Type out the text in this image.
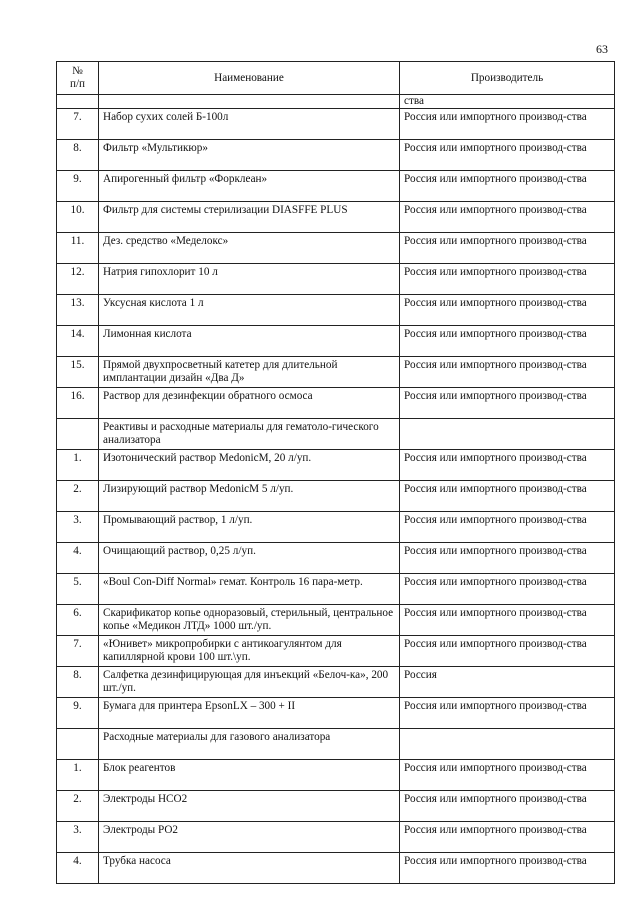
63
№
п/п	Наименование	Производитель
		ства
7.	Набор сухих солей Б-100л	Россия или импортного производ-ства
8.	Фильтр «Мультикюр»	Россия или импортного производ-ства
9.	Апирогенный фильтр «Форклеан»	Россия или импортного производ-ства
10.	Фильтр для системы стерилизации DIASFFE PLUS	Россия или импортного производ-ства
11.	Дез. средство «Меделокс»	Россия или импортного производ-ства
12.	Натрия гипохлорит 10 л	Россия или импортного производ-ства
13.	Уксусная кислота 1 л	Россия или импортного производ-ства
14.	Лимонная кислота	Россия или импортного производ-ства
15.	Прямой двухпросветный катетер для длительной имплантации дизайн «Два Д»	Россия или импортного производ-ства
16.	Раствор для дезинфекции обратного осмоса	Россия или импортного производ-ства
	Реактивы и расходные материалы для гематоло-гического анализатора	
1.	Изотонический раствор MedonicM, 20 л/уп.	Россия или импортного производ-ства
2.	Лизирующий раствор MedonicM 5 л/уп.	Россия или импортного производ-ства
3.	Промывающий раствор, 1 л/уп.	Россия или импортного производ-ства
4.	Очищающий раствор, 0,25 л/уп.	Россия или импортного производ-ства
5.	«Boul Con-Diff Normal» гемат. Контроль 16 пара-метр.	Россия или импортного производ-ства
6.	Скарификатор копье одноразовый, стерильный, центральное копье «Медикон ЛТД» 1000 шт./уп.	Россия или импортного производ-ства
7.	«Юнивет» микропробирки с антикоагулянтом для капиллярной крови 100 шт.\уп.	Россия или импортного производ-ства
8.	Салфетка дезинфицирующая для инъекций «Белоч-ка», 200 шт./уп.	Россия
9.	Бумага для принтера EpsonLX – 300 + II	Россия или импортного производ-ства
	Расходные материалы для газового анализатора	
1.	Блок реагентов	Россия или импортного производ-ства
2.	Электроды НСО2	Россия или импортного производ-ства
3.	Электроды РО2	Россия или импортного производ-ства
4.	Трубка насоса	Россия или импортного производ-ства
